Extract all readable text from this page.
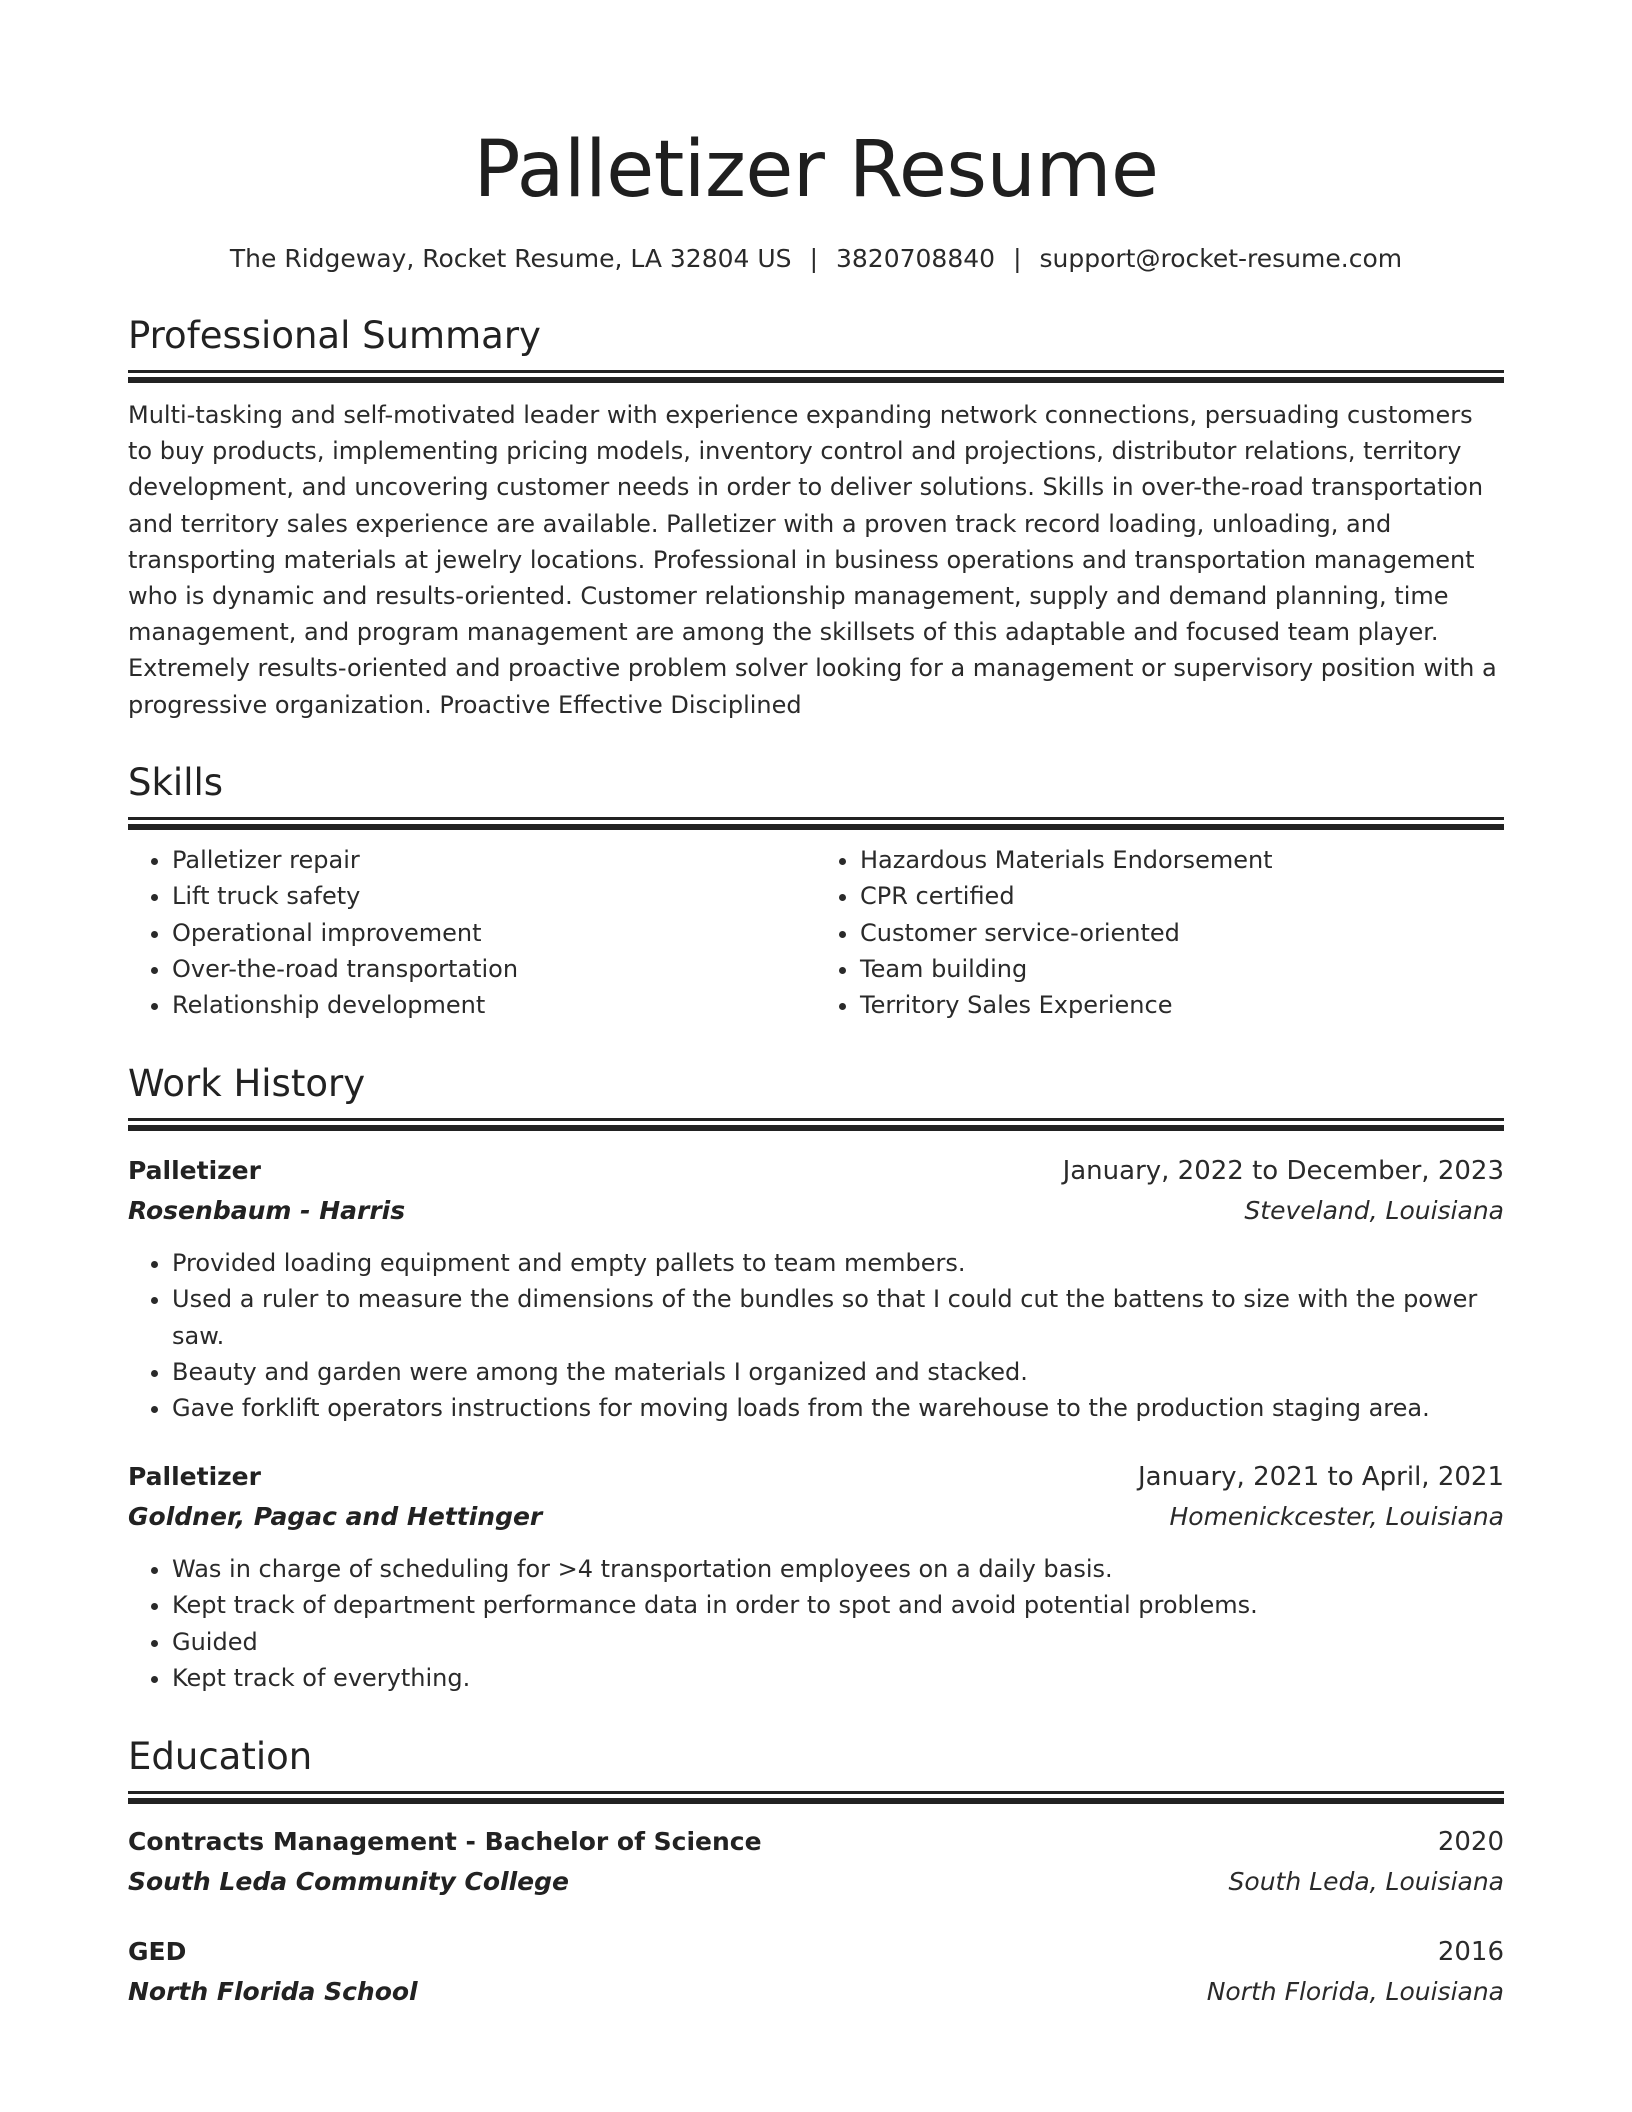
Palletizer Resume
The Ridgeway, Rocket Resume, LA 32804 US | 3820708840 | support@rocket-resume.com
Professional Summary

Multi-tasking and self-motivated leader with experience expanding network connections, persuading customers to buy products, implementing pricing models, inventory control and projections, distributor relations, territory development, and uncovering customer needs in order to deliver solutions. Skills in over-the-road transportation and territory sales experience are available. Palletizer with a proven track record loading, unloading, and transporting materials at jewelry locations. Professional in business operations and transportation management who is dynamic and results-oriented. Customer relationship management, supply and demand planning, time management, and program management are among the skillsets of this adaptable and focused team player. Extremely results-oriented and proactive problem solver looking for a management or supervisory position with a progressive organization. Proactive Effective Disciplined

Skills
• Palletizer repair
• Lift truck safety
• Operational improvement
• Over-the-road transportation
• Relationship development
• Hazardous Materials Endorsement
• CPR certified
• Customer service-oriented
• Team building
• Territory Sales Experience
Work History
Palletizer	January, 2022 to December, 2023
Rosenbaum - Harris	Steveland, Louisiana
• Provided loading equipment and empty pallets to team members.
• Used a ruler to measure the dimensions of the bundles so that I could cut the battens to size with the power saw.
• Beauty and garden were among the materials I organized and stacked.
• Gave forklift operators instructions for moving loads from the warehouse to the production staging area.
Palletizer	January, 2021 to April, 2021
Goldner, Pagac and Hettinger	Homenickcester, Louisiana
• Was in charge of scheduling for >4 transportation employees on a daily basis.
• Kept track of department performance data in order to spot and avoid potential problems.
• Guided
• Kept track of everything.
Education
Contracts Management - Bachelor of Science	2020
South Leda Community College	South Leda, Louisiana
GED	2016
North Florida School	North Florida, Louisiana
